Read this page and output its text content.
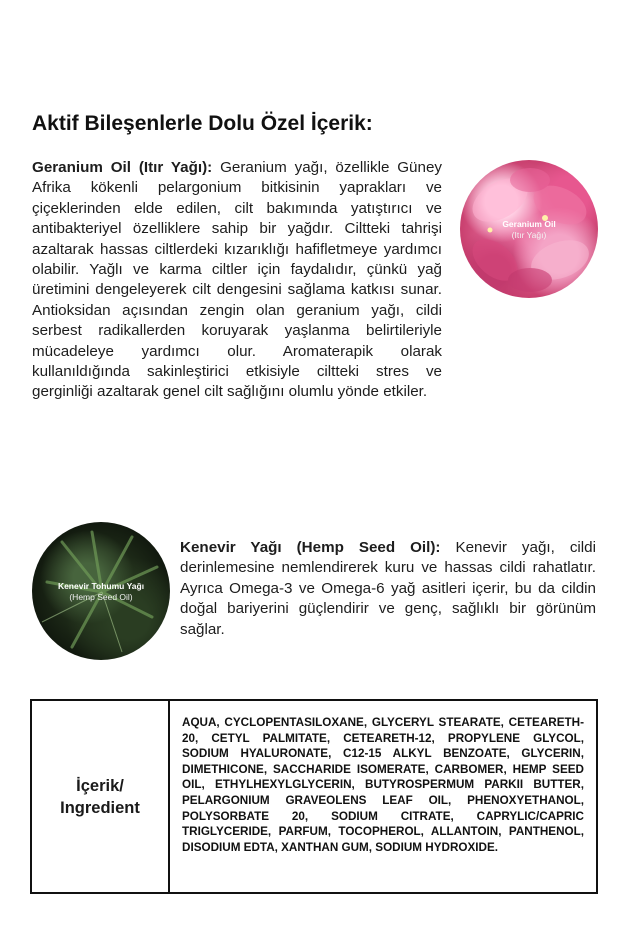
Aktif Bileşenlerle Dolu Özel İçerik:

Geranium Oil (Itır Yağı): Geranium yağı, özellikle Güney Afrika kökenli pelargonium bitkisinin yaprakları ve çiçeklerinden elde edilen, cilt bakımında yatıştırıcı ve antibakteriyel özelliklere sahip bir yağdır. Ciltteki tahrişi azaltarak hassas ciltlerdeki kızarıklığı hafifletmeye yardımcı olabilir. Yağlı ve karma ciltler için faydalıdır, çünkü yağ üretimini dengeleyerek cilt dengesini sağlama katkısı sunar. Antioksidan açısından zengin olan geranium yağı, cildi serbest radikallerden koruyarak yaşlanma belirtileriyle mücadeleye yardımcı olur. Aromaterapik olarak kullanıldığında sakinleştirici etkisiyle ciltteki stres ve gerginliği azaltarak genel cilt sağlığını olumlu yönde etkiler.

Geranium Oil
(Itır Yağı)
Kenevir Tohumu Yağı
(Hemp Seed Oil)

Kenevir Yağı (Hemp Seed Oil): Kenevir yağı, cildi derinlemesine nemlendirerek kuru ve hassas cildi rahatlatır. Ayrıca Omega-3 ve Omega-6 yağ asitleri içerir, bu da cildin doğal bariyerini güçlendirir ve genç, sağlıklı bir görünüm sağlar.

İçerik/
Ingredient
AQUA, CYCLOPENTASILOXANE, GLYCERYL STEARATE, CETEARETH-20, CETYL PALMITATE, CETEARETH-12, PROPYLENE GLYCOL, SODIUM HYALURONATE, C12-15 ALKYL BENZOATE, GLYCERIN, DIMETHICONE, SACCHARIDE ISOMERATE, CARBOMER, HEMP SEED OIL, ETHYLHEXYLGLYCERIN, BUTYROSPERMUM PARKII BUTTER, PELARGONIUM GRAVEOLENS LEAF OIL, PHENOXYETHANOL, POLYSORBATE 20, SODIUM CITRATE, CAPRYLIC/CAPRIC TRIGLYCERIDE, PARFUM, TOCOPHEROL, ALLANTOIN, PANTHENOL, DISODIUM EDTA, XANTHAN GUM, SODIUM HYDROXIDE.
